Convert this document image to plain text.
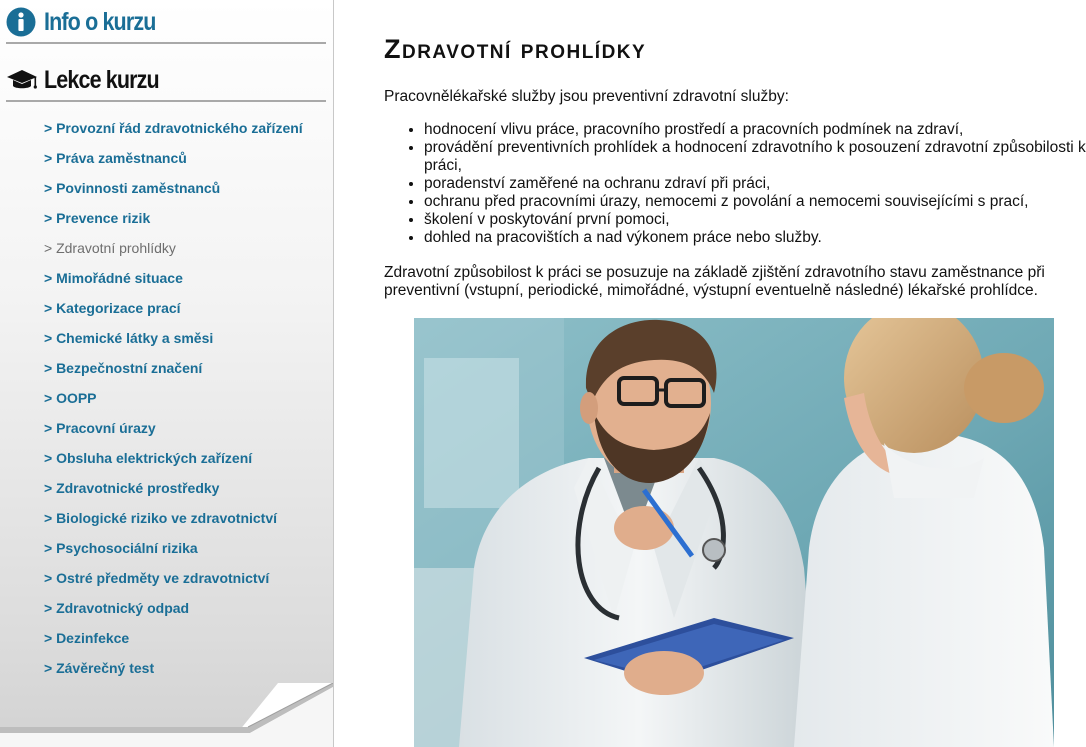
Info o kurzu
Lekce kurzu
> Provozní řád zdravotnického zařízení
> Práva zaměstnanců
> Povinnosti zaměstnanců
> Prevence rizik
> Zdravotní prohlídky
> Mimořádné situace
> Kategorizace prací
> Chemické látky a směsi
> Bezpečnostní značení
> OOPP
> Pracovní úrazy
> Obsluha elektrických zařízení
> Zdravotnické prostředky
> Biologické riziko ve zdravotnictví
> Psychosociální rizika
> Ostré předměty ve zdravotnictví
> Zdravotnický odpad
> Dezinfekce
> Závěrečný test
Zdravotní prohlídky

Pracovnělékařské služby jsou preventivní zdravotní služby:

• hodnocení vlivu práce, pracovního prostředí a pracovních podmínek na zdraví,
• provádění preventivních prohlídek a hodnocení zdravotního k posouzení zdravotní způsobilosti k práci,
• poradenství zaměřené na ochranu zdraví při práci,
• ochranu před pracovními úrazy, nemocemi z povolání a nemocemi souvisejícími s prací,
• školení v poskytování první pomoci,
• dohled na pracovištích a nad výkonem práce nebo služby.

Zdravotní způsobilost k práci se posuzuje na základě zjištění zdravotního stavu zaměstnance při preventivní (vstupní, periodické, mimořádné, výstupní eventuelně následné) lékařské prohlídce.
